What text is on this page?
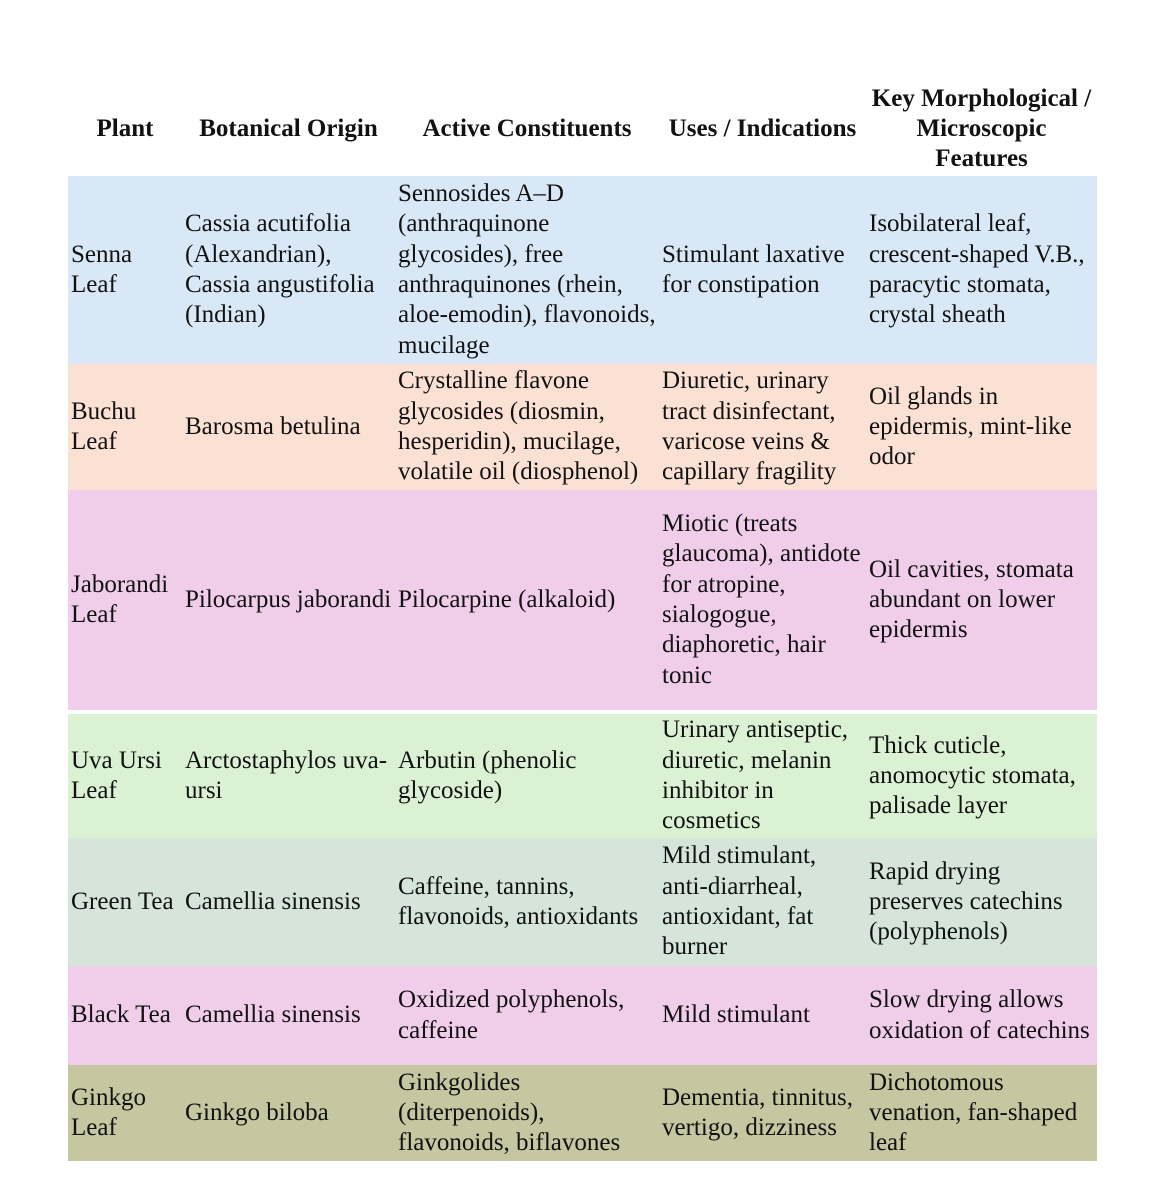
Plant	Botanical Origin	Active Constituents	Uses / Indications	Key Morphological / Microscopic Features
Senna Leaf	Cassia acutifolia (Alexandrian), Cassia angustifolia (Indian)	Sennosides A–D (anthraquinone glycosides), free anthraquinones (rhein, aloe-emodin), flavonoids, mucilage	Stimulant laxative for constipation	Isobilateral leaf, crescent-shaped V.B., paracytic stomata, crystal sheath
Buchu Leaf	Barosma betulina	Crystalline flavone glycosides (diosmin, hesperidin), mucilage, volatile oil (diosphenol)	Diuretic, urinary tract disinfectant, varicose veins & capillary fragility	Oil glands in epidermis, mint-like odor
Jaborandi Leaf	Pilocarpus jaborandi	Pilocarpine (alkaloid)	Miotic (treats glaucoma), antidote for atropine, sialogogue, diaphoretic, hair tonic	Oil cavities, stomata abundant on lower epidermis

Uva Ursi Leaf	Arctostaphylos uva-ursi	Arbutin (phenolic glycoside)	Urinary antiseptic, diuretic, melanin inhibitor in cosmetics	Thick cuticle, anomocytic stomata, palisade layer
Green Tea	Camellia sinensis	Caffeine, tannins, flavonoids, antioxidants	Mild stimulant, anti-diarrheal, antioxidant, fat burner	Rapid drying preserves catechins (polyphenols)
Black Tea	Camellia sinensis	Oxidized polyphenols, caffeine	Mild stimulant	Slow drying allows oxidation of catechins
Ginkgo Leaf	Ginkgo biloba	Ginkgolides (diterpenoids), flavonoids, biflavones	Dementia, tinnitus, vertigo, dizziness	Dichotomous venation, fan-shaped leaf
